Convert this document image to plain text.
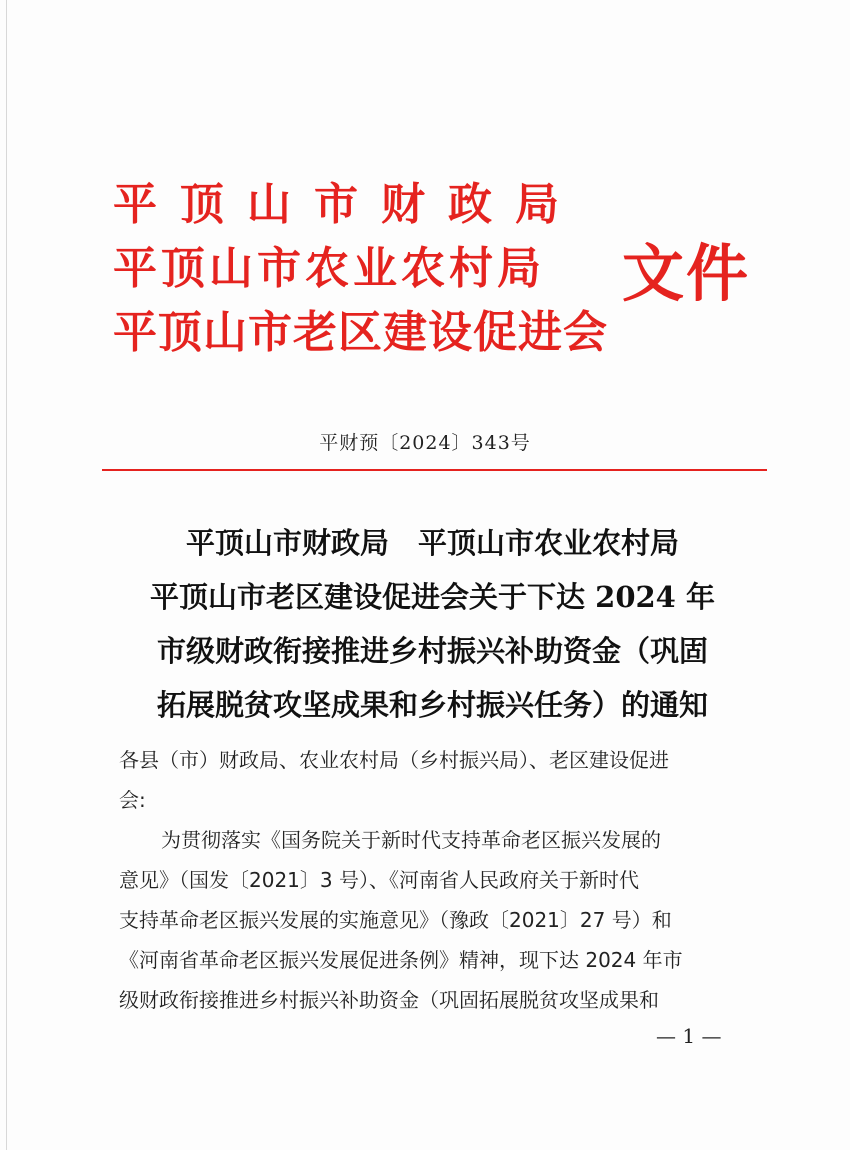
平顶山市财政局
平顶山市农业农村局
平顶山市老区建设促进会
文件
平财预〔2024〕343号
平顶山市财政局　平顶山市农业农村局
平顶山市老区建设促进会关于下达 2024 年
市级财政衔接推进乡村振兴补助资金（巩固
拓展脱贫攻坚成果和乡村振兴任务）的通知
各县（市）财政局、农业农村局（乡村振兴局）、老区建设促进
会:
为贯彻落实《国务院关于新时代支持革命老区振兴发展的
意见》（国发〔2021〕3 号）、《河南省人民政府关于新时代
支持革命老区振兴发展的实施意见》（豫政〔2021〕27 号）和
《河南省革命老区振兴发展促进条例》精神，现下达 2024 年市
级财政衔接推进乡村振兴补助资金（巩固拓展脱贫攻坚成果和
— 1 —
